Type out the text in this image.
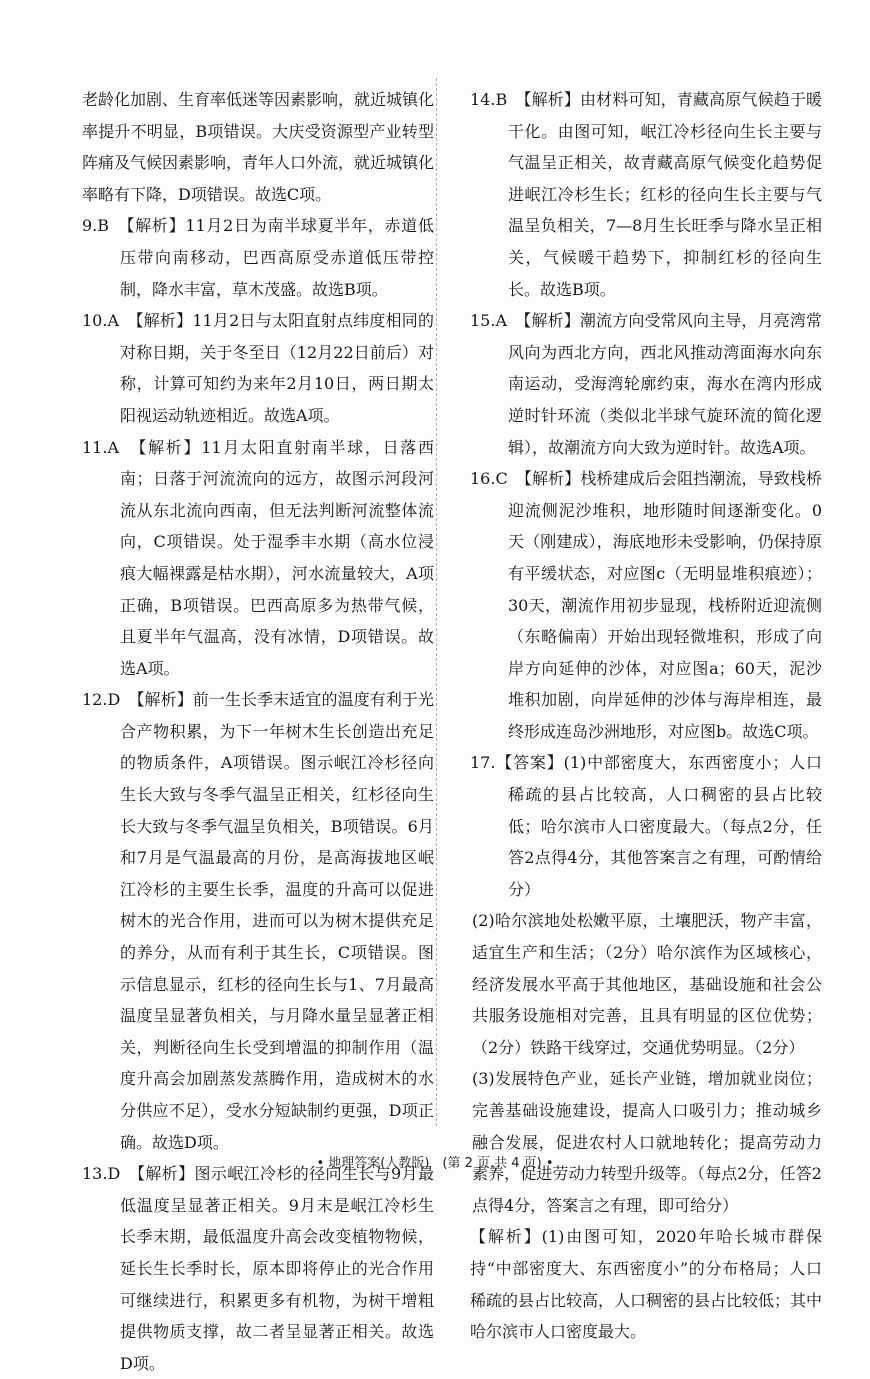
老龄化加剧、生育率低迷等因素影响，就近城镇化率提升不明显，B项错误。大庆受资源型产业转型阵痛及气候因素影响，青年人口外流，就近城镇化率略有下降，D项错误。故选C项。

9.B　【解析】11月2日为南半球夏半年，赤道低压带向南移动，巴西高原受赤道低压带控制，降水丰富，草木茂盛。故选B项。

10.A　【解析】11月2日与太阳直射点纬度相同的对称日期，关于冬至日（12月22日前后）对称，计算可知约为来年2月10日，两日期太阳视运动轨迹相近。故选A项。

11.A　【解析】11月太阳直射南半球，日落西南；日落于河流流向的远方，故图示河段河流从东北流向西南，但无法判断河流整体流向，C项错误。处于湿季丰水期（高水位浸痕大幅裸露是枯水期），河水流量较大，A项正确，B项错误。巴西高原多为热带气候，且夏半年气温高，没有冰情，D项错误。故选A项。

12.D　【解析】前一生长季末适宜的温度有利于光合产物积累，为下一年树木生长创造出充足的物质条件，A项错误。图示岷江冷杉径向生长大致与冬季气温呈正相关，红杉径向生长大致与冬季气温呈负相关，B项错误。6月和7月是气温最高的月份，是高海拔地区岷江冷杉的主要生长季，温度的升高可以促进树木的光合作用，进而可以为树木提供充足的养分，从而有利于其生长，C项错误。图示信息显示，红杉的径向生长与1、7月最高温度呈显著负相关，与月降水量呈显著正相关，判断径向生长受到增温的抑制作用（温度升高会加剧蒸发蒸腾作用，造成树木的水分供应不足），受水分短缺制约更强，D项正确。故选D项。

13.D　【解析】图示岷江冷杉的径向生长与9月最低温度呈显著正相关。9月末是岷江冷杉生长季末期，最低温度升高会改变植物物候，延长生长季时长，原本即将停止的光合作用可继续进行，积累更多有机物，为树干增粗提供物质支撑，故二者呈显著正相关。故选D项。

14.B　【解析】由材料可知，青藏高原气候趋于暖干化。由图可知，岷江冷杉径向生长主要与气温呈正相关，故青藏高原气候变化趋势促进岷江冷杉生长；红杉的径向生长主要与气温呈负相关，7—8月生长旺季与降水呈正相关，气候暖干趋势下，抑制红杉的径向生长。故选B项。

15.A　【解析】潮流方向受常风向主导，月亮湾常风向为西北方向，西北风推动湾面海水向东南运动，受海湾轮廓约束，海水在湾内形成逆时针环流（类似北半球气旋环流的简化逻辑），故潮流方向大致为逆时针。故选A项。

16.C　【解析】栈桥建成后会阻挡潮流，导致栈桥迎流侧泥沙堆积，地形随时间逐渐变化。0天（刚建成），海底地形未受影响，仍保持原有平缓状态，对应图c（无明显堆积痕迹）；30天，潮流作用初步显现，栈桥附近迎流侧（东略偏南）开始出现轻微堆积，形成了向岸方向延伸的沙体，对应图a；60天，泥沙堆积加剧，向岸延伸的沙体与海岸相连，最终形成连岛沙洲地形，对应图b。故选C项。

17.【答案】(1)中部密度大，东西密度小；人口稀疏的县占比较高，人口稠密的县占比较低；哈尔滨市人口密度最大。（每点2分，任答2点得4分，其他答案言之有理，可酌情给分）

(2)哈尔滨地处松嫩平原，土壤肥沃，物产丰富，适宜生产和生活；（2分）哈尔滨作为区域核心，经济发展水平高于其他地区，基础设施和社会公共服务设施相对完善，且具有明显的区位优势；（2分）铁路干线穿过，交通优势明显。（2分）

(3)发展特色产业，延长产业链，增加就业岗位；完善基础设施建设，提高人口吸引力；推动城乡融合发展，促进农村人口就地转化；提高劳动力素养，促进劳动力转型升级等。（每点2分，任答2点得4分，答案言之有理，即可给分）

【解析】(1)由图可知，2020年哈长城市群保持“中部密度大、东西密度小”的分布格局；人口稀疏的县占比较高，人口稠密的县占比较低；其中哈尔滨市人口密度最大。

• 地理答案(人教版)　(第 2 页,共 4 页) •
